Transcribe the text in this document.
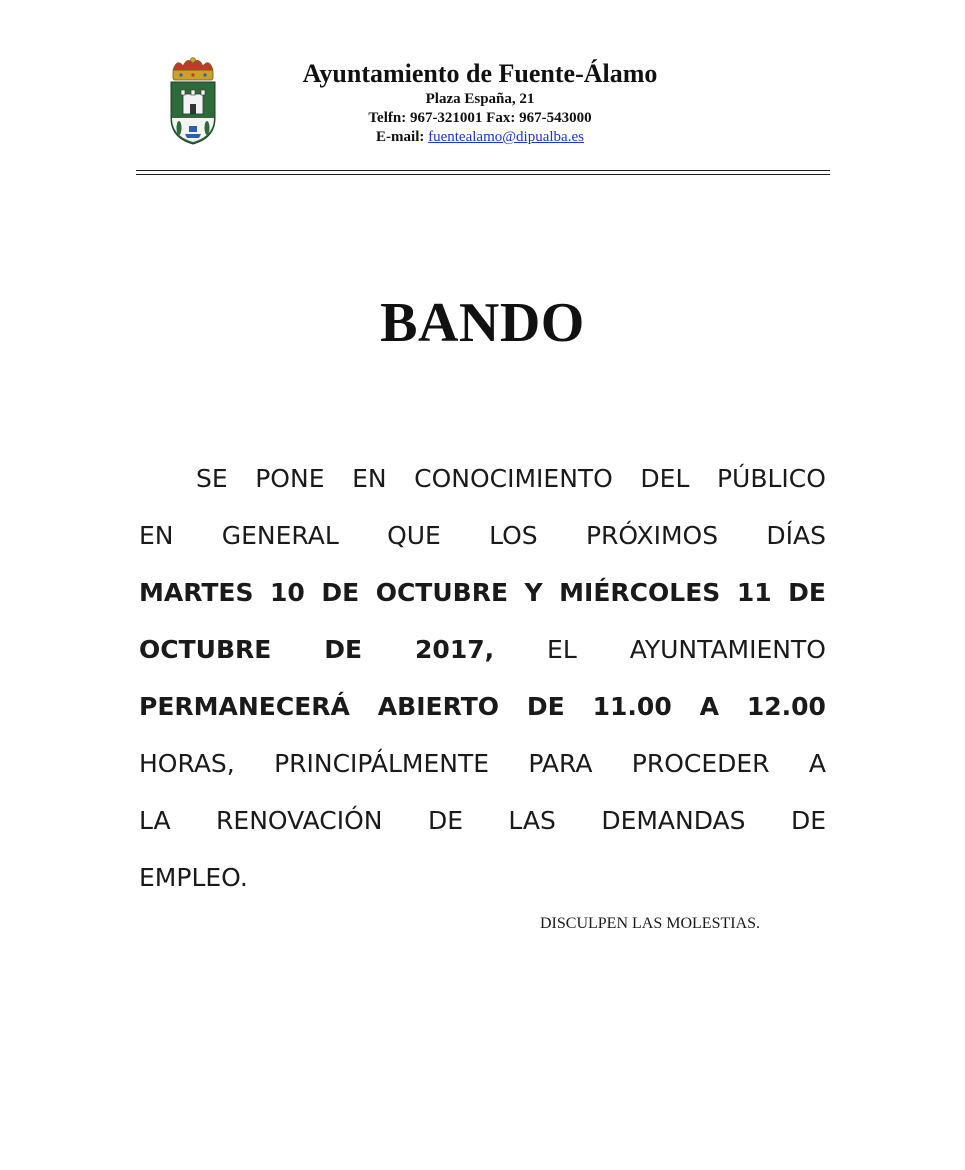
Ayuntamiento de Fuente-Álamo
Plaza España, 21
Telfn: 967-321001 Fax: 967-543000
E-mail: fuentealamo@dipualba.es
BANDO
SE PONE EN CONOCIMIENTO DEL PÚBLICO
EN GENERAL QUE LOS PRÓXIMOS DÍAS
MARTES 10 DE OCTUBRE Y MIÉRCOLES 11 DE
OCTUBRE DE 2017, EL AYUNTAMIENTO
PERMANECERÁ ABIERTO DE 11.00 A 12.00
HORAS, PRINCIPÁLMENTE PARA PROCEDER A
LA RENOVACIÓN DE LAS DEMANDAS DE
EMPLEO.
DISCULPEN LAS MOLESTIAS.
